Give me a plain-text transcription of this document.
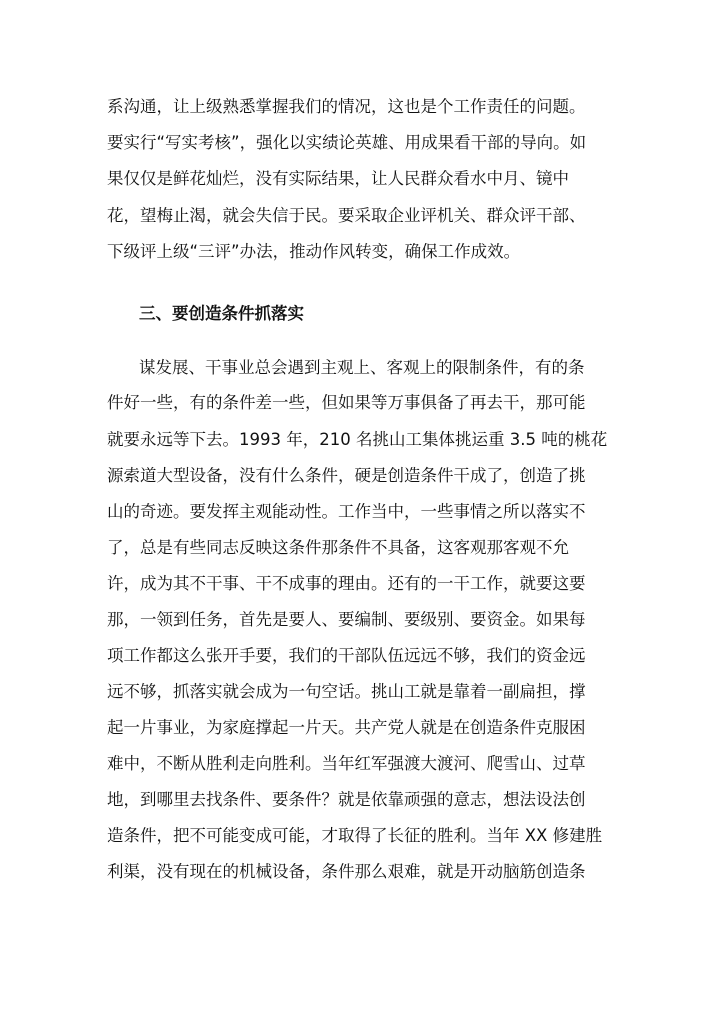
系沟通，让上级熟悉掌握我们的情况，这也是个工作责任的问题。
要实行“写实考核”，强化以实绩论英雄、用成果看干部的导向。如
果仅仅是鲜花灿烂，没有实际结果，让人民群众看水中月、镜中
花，望梅止渴，就会失信于民。要采取企业评机关、群众评干部、
下级评上级“三评”办法，推动作风转变，确保工作成效。
三、要创造条件抓落实
谋发展、干事业总会遇到主观上、客观上的限制条件，有的条
件好一些，有的条件差一些，但如果等万事俱备了再去干，那可能
就要永远等下去。1993 年，210 名挑山工集体挑运重 3.5 吨的桃花
源索道大型设备，没有什么条件，硬是创造条件干成了，创造了挑
山的奇迹。要发挥主观能动性。工作当中，一些事情之所以落实不
了，总是有些同志反映这条件那条件不具备，这客观那客观不允
许，成为其不干事、干不成事的理由。还有的一干工作，就要这要
那，一领到任务，首先是要人、要编制、要级别、要资金。如果每
项工作都这么张开手要，我们的干部队伍远远不够，我们的资金远
远不够，抓落实就会成为一句空话。挑山工就是靠着一副扁担，撑
起一片事业，为家庭撑起一片天。共产党人就是在创造条件克服困
难中，不断从胜利走向胜利。当年红军强渡大渡河、爬雪山、过草
地，到哪里去找条件、要条件？就是依靠顽强的意志，想法设法创
造条件，把不可能变成可能，才取得了长征的胜利。当年 XX 修建胜
利渠，没有现在的机械设备，条件那么艰难，就是开动脑筋创造条
